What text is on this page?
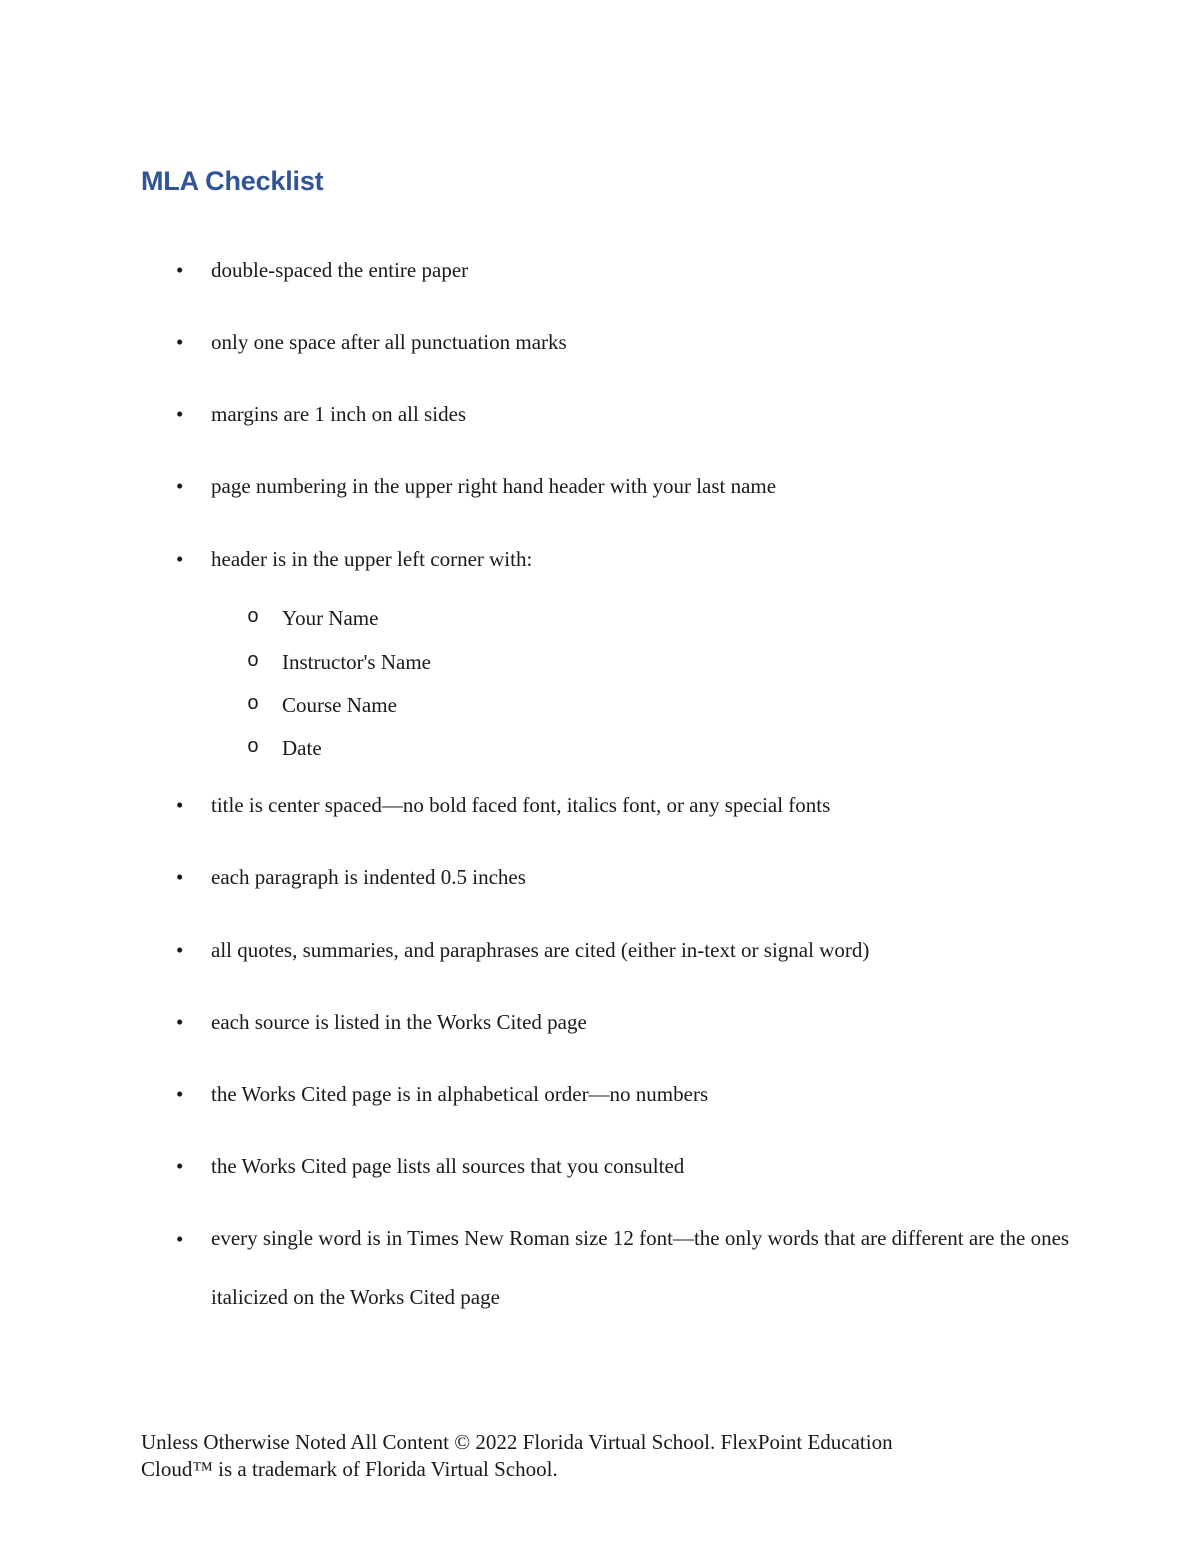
MLA Checklist
• double-spaced the entire paper
• only one space after all punctuation marks
• margins are 1 inch on all sides
• page numbering in the upper right hand header with your last name
• header is in the upper left corner with:
o Your Name
o Instructor's Name
o Course Name
o Date
• title is center spaced—no bold faced font, italics font, or any special fonts
• each paragraph is indented 0.5 inches
• all quotes, summaries, and paraphrases are cited (either in-text or signal word)
• each source is listed in the Works Cited page
• the Works Cited page is in alphabetical order—no numbers
• the Works Cited page lists all sources that you consulted
• every single word is in Times New Roman size 12 font—the only words that are different are the ones italicized on the Works Cited page

Unless Otherwise Noted All Content © 2022 Florida Virtual School. FlexPoint Education
Cloud™ is a trademark of Florida Virtual School.
